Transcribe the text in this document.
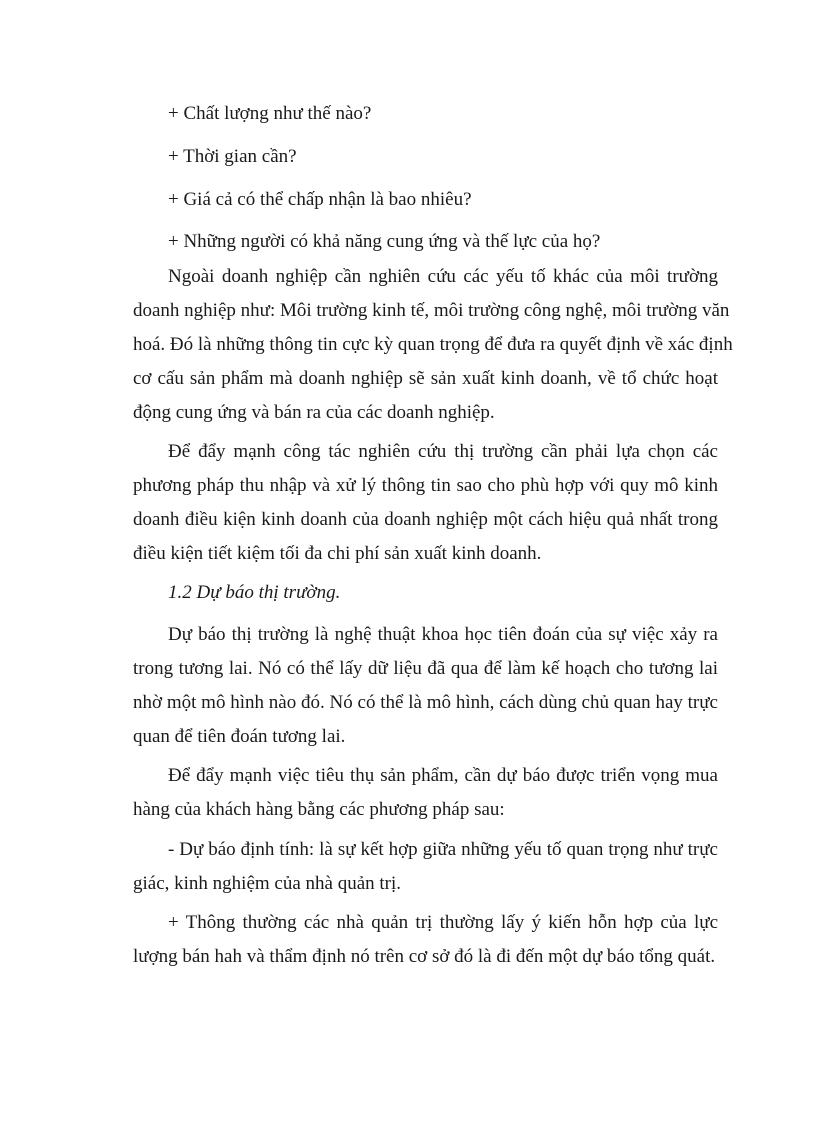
+ Chất lượng như thế nào?
+ Thời gian cần?
+ Giá cả có thể chấp nhận là bao nhiêu?
+ Những người có khả năng cung ứng và thế lực của họ?
Ngoài doanh nghiệp cần nghiên cứu các yếu tố khác của môi trường
doanh nghiệp như: Môi trường kinh tế, môi trường công nghệ, môi trường văn
hoá. Đó là những thông tin cực kỳ quan trọng để đưa ra quyết định về xác định
cơ cấu sản phẩm mà doanh nghiệp sẽ sản xuất kinh doanh, về tổ chức hoạt
động cung ứng và bán ra của các doanh nghiệp.
Để đẩy mạnh công tác nghiên cứu thị trường cần phải lựa chọn các
phương pháp thu nhập và xử lý thông tin sao cho phù hợp với quy mô kinh
doanh điều kiện kinh doanh của doanh nghiệp một cách hiệu quả nhất trong
điều kiện tiết kiệm tối đa chi phí sản xuất kinh doanh.
1.2 Dự báo thị trường.
Dự báo thị trường là nghệ thuật khoa học tiên đoán của sự việc xảy ra
trong tương lai. Nó có thể lấy dữ liệu đã qua để làm kế hoạch cho tương lai
nhờ một mô hình nào đó. Nó có thể là mô hình, cách dùng chủ quan hay trực
quan để tiên đoán tương lai.
Để đẩy mạnh việc tiêu thụ sản phẩm, cần dự báo được triển vọng mua
hàng của khách hàng bằng các phương pháp sau:
- Dự báo định tính: là sự kết hợp giữa những yếu tố quan trọng như trực
giác, kinh nghiệm của nhà quản trị.
+ Thông thường các nhà quản trị thường lấy ý kiến hỗn hợp của lực
lượng bán hah và thẩm định nó trên cơ sở đó là đi đến một dự báo tổng quát.
